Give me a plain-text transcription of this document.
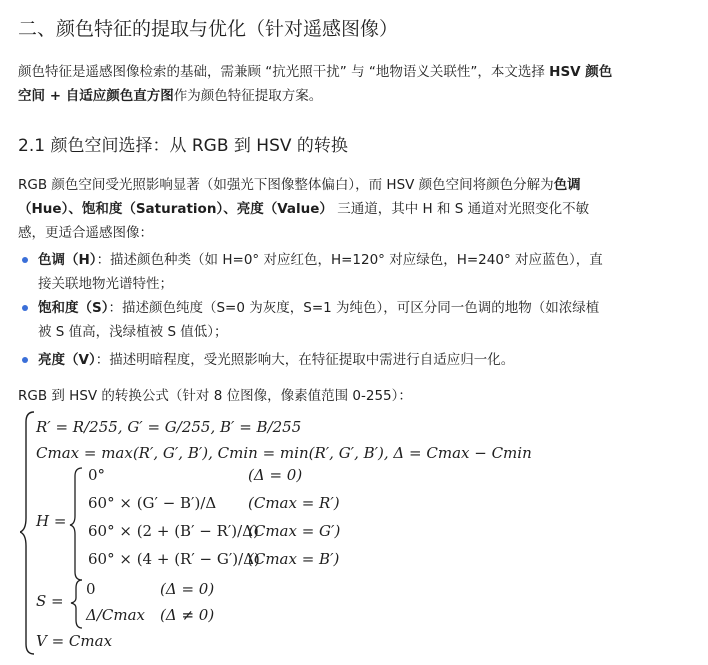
二、颜色特征的提取与优化（针对遥感图像）

颜色特征是遥感图像检索的基础，需兼顾 “抗光照干扰” 与 “地物语义关联性”，本文选择 HSV 颜色
空间 + 自适应颜色直方图作为颜色特征提取方案。

2.1 颜色空间选择：从 RGB 到 HSV 的转换

RGB 颜色空间受光照影响显著（如强光下图像整体偏白），而 HSV 颜色空间将颜色分解为色调
（Hue）、饱和度（Saturation）、亮度（Value） 三通道，其中 H 和 S 通道对光照变化不敏
感，更适合遥感图像：

色调（H）：描述颜色种类（如 H=0° 对应红色，H=120° 对应绿色，H=240° 对应蓝色），直
接关联地物光谱特性；
饱和度（S）：描述颜色纯度（S=0 为灰度，S=1 为纯色），可区分同一色调的地物（如浓绿植
被 S 值高，浅绿植被 S 值低）；
亮度（V）：描述明暗程度，受光照影响大，在特征提取中需进行自适应归一化。

RGB 到 HSV 的转换公式（针对 8 位图像，像素值范围 0-255）：

R′ = R/255, G′ = G/255, B′ = B/255
Cmax = max(R′, G′, B′), Cmin = min(R′, G′, B′), Δ = Cmax − Cmin
H =
0°	(Δ = 0)
60° × (G′ − B′)/Δ (Cmax = R′)
60° × (2 + (B′ − R′)/Δ)
(Cmax = G′)
60° × (4 + (R′ − G′)/Δ)
(Cmax = B′)
S =
0	(Δ = 0)
Δ/Cmax (Δ ≠ 0)
V = Cmax
